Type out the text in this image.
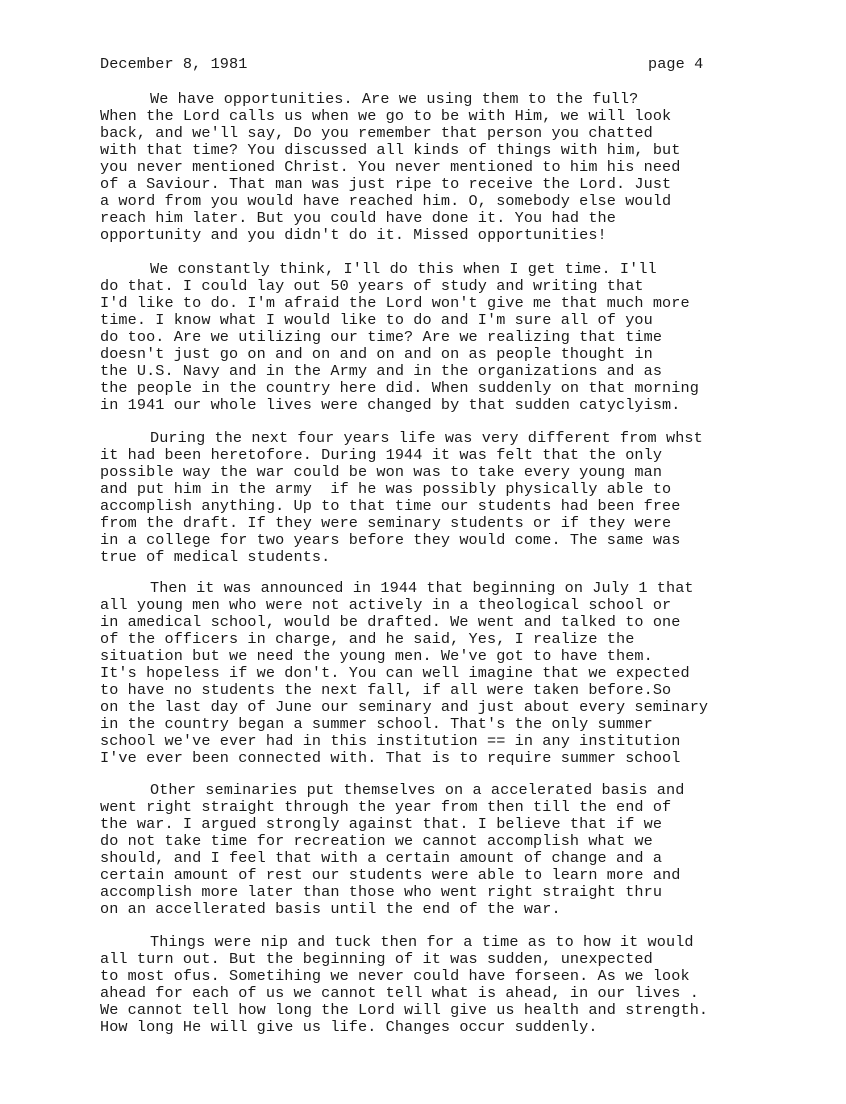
December 8, 1981	page 4
We have opportunities. Are we using them to the full?
When the Lord calls us when we go to be with Him, we will look
back, and we'll say, Do you remember that person you chatted
with that time? You discussed all kinds of things with him, but
you never mentioned Christ. You never mentioned to him his need
of a Saviour. That man was just ripe to receive the Lord. Just
a word from you would have reached him. O, somebody else would
reach him later. But you could have done it. You had the
opportunity and you didn't do it. Missed opportunities!
We constantly think, I'll do this when I get time. I'll
do that. I could lay out 50 years of study and writing that
I'd like to do. I'm afraid the Lord won't give me that much more
time. I know what I would like to do and I'm sure all of you
do too. Are we utilizing our time? Are we realizing that time
doesn't just go on and on and on and on as people thought in
the U.S. Navy and in the Army and in the organizations and as
the people in the country here did. When suddenly on that morning
in 1941 our whole lives were changed by that sudden catyclyism.
During the next four years life was very different from whst
it had been heretofore. During 1944 it was felt that the only
possible way the war could be won was to take every young man
and put him in the army  if he was possibly physically able to
accomplish anything. Up to that time our students had been free
from the draft. If they were seminary students or if they were
in a college for two years before they would come. The same was
true of medical students.
Then it was announced in 1944 that beginning on July 1 that
all young men who were not actively in a theological school or
in amedical school, would be drafted. We went and talked to one
of the officers in charge, and he said, Yes, I realize the
situation but we need the young men. We've got to have them.
It's hopeless if we don't. You can well imagine that we expected
to have no students the next fall, if all were taken before.So
on the last day of June our seminary and just about every seminary
in the country began a summer school. That's the only summer
school we've ever had in this institution == in any institution
I've ever been connected with. That is to require summer school
Other seminaries put themselves on a accelerated basis and
went right straight through the year from then till the end of
the war. I argued strongly against that. I believe that if we
do not take time for recreation we cannot accomplish what we
should, and I feel that with a certain amount of change and a
certain amount of rest our students were able to learn more and
accomplish more later than those who went right straight thru
on an accellerated basis until the end of the war.
Things were nip and tuck then for a time as to how it would
all turn out. But the beginning of it was sudden, unexpected
to most ofus. Sometihing we never could have forseen. As we look
ahead for each of us we cannot tell what is ahead, in our lives .
We cannot tell how long the Lord will give us health and strength.
How long He will give us life. Changes occur suddenly.
